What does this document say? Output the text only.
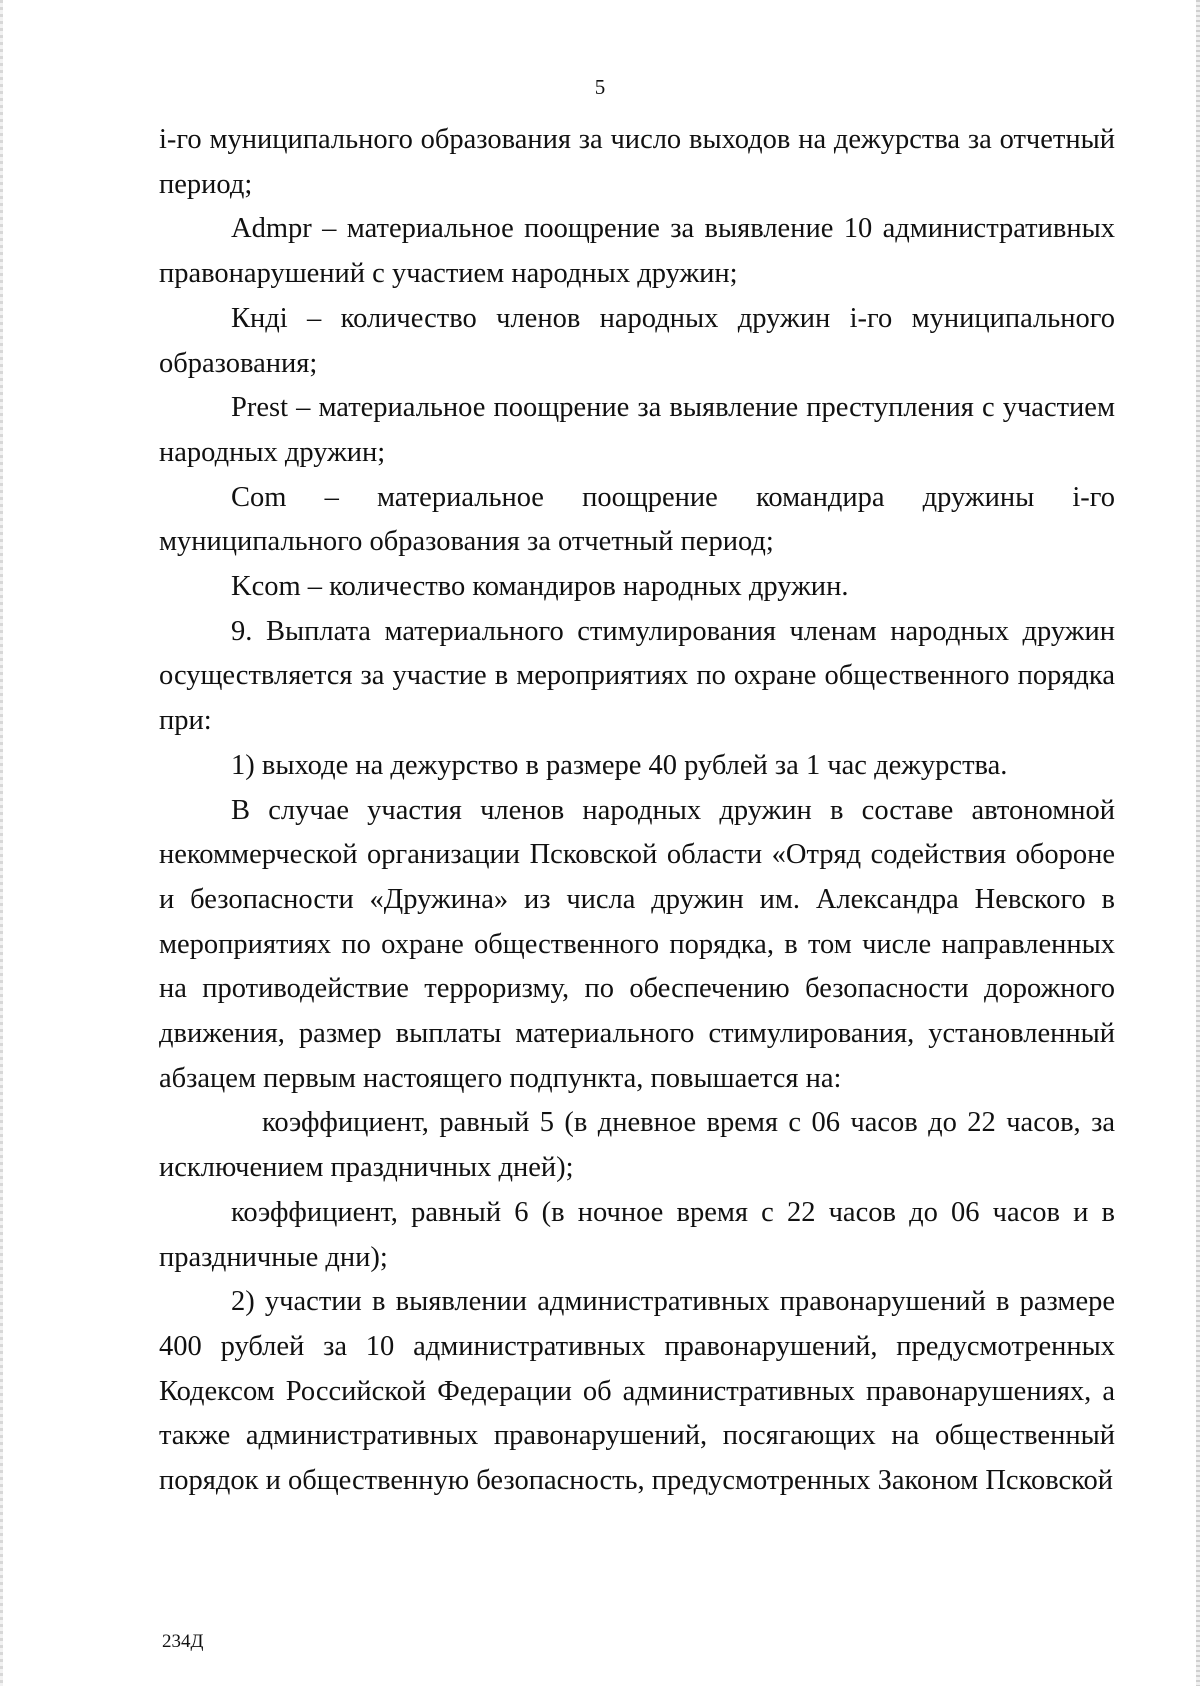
5

i-го муниципального образования за число выходов на дежурства за отчетный период;

Admpr – материальное поощрение за выявление 10 административных правонарушений с участием народных дружин;

Кндi – количество членов народных дружин i-го муниципального образования;

Prest – материальное поощрение за выявление преступления с участием народных дружин;

Com – материальное поощрение командира дружины i-го муниципального образования за отчетный период;

Kcom – количество командиров народных дружин.

9. Выплата материального стимулирования членам народных дружин осуществляется за участие в мероприятиях по охране общественного порядка при:

1) выходе на дежурство в размере 40 рублей за 1 час дежурства.

В случае участия членов народных дружин в составе автономной некоммерческой организации Псковской области «Отряд содействия обороне и безопасности «Дружина» из числа дружин им. Александра Невского в мероприятиях по охране общественного порядка, в том числе направленных на противодействие терроризму, по обеспечению безопасности дорожного движения, размер выплаты материального стимулирования, установленный абзацем первым настоящего подпункта, повышается на:

коэффициент, равный 5 (в дневное время с 06 часов до 22 часов, за исключением праздничных дней);

коэффициент, равный 6 (в ночное время с 22 часов до 06 часов и в праздничные дни);

2) участии в выявлении административных правонарушений в размере 400 рублей за 10 административных правонарушений, предусмотренных Кодексом Российской Федерации об административных правонарушениях, а также административных правонарушений, посягающих на общественный порядок и общественную безопасность, предусмотренных Законом Псковской

234Д
